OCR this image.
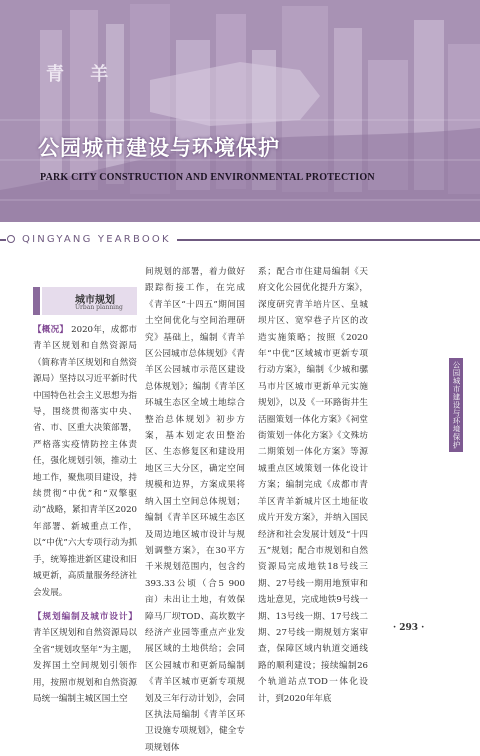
青 羊
公园城市建设与环境保护
PARK CITY CONSTRUCTION AND ENVIRONMENTAL PROTECTION
QINGYANG YEARBOOK
城市规划
Urban planning

【概况】 2020年，成都市青羊区规划和自然资源局（简称青羊区规划和自然资源局）坚持以习近平新时代中国特色社会主义思想为指导，围绕贯彻落实中央、省、市、区重大决策部署，严格落实疫情防控主体责任，强化规划引领，推动土地工作，聚焦项目建设，持续贯彻“中优”和“双擎驱动”战略，紧扣青羊区2020年部署、新城重点工作，以“中优”六大专项行动为抓手，统筹推进新区建设和旧城更新，高质量服务经济社会发展。

【规划编制及城市设计】 青羊区规划和自然资源局以全省“规划攻坚年”为主题，发挥国土空间规划引领作用，按照市规划和自然资源局统一编制主城区国土空

间规划的部署，着力做好跟踪衔接工作，在完成《青羊区“十四五”期间国土空间优化与空间治理研究》基础上，编制《青羊区公园城市总体规划》《青羊区公园城市示范区建设总体规划》；编制《青羊区环城生态区全域土地综合整治总体规划》初步方案，基本划定农田整治区、生态修复区和建设用地区三大分区，确定空间规模和边界，方案成果将纳入国土空间总体规划；编制《青羊区环城生态区及周边地区城市设计与规划调整方案》，在30平方千米规划范围内，包含约393.33公顷（合5 900亩）未出让土地，有效保障马厂坝TOD、高坎数字经济产业园等重点产业发展区域的土地供给；会同区公园城市和更新局编制《青羊区城市更新专项规划及三年行动计划》，会同区执法局编制《青羊区环卫设施专项规划》，健全专项规划体

系；配合市住建局编制《天府文化公园优化提升方案》，深度研究青羊培片区、皇城坝片区、宽窄巷子片区的改造实施策略；按照《2020年“中优”区域城市更新专项行动方案》，编制《少城和骡马市片区城市更新单元实施规划》，以及《一环路街井生活圈策划一体化方案》《祠堂街策划一体化方案》《文殊坊二期策划一体化方案》等源城重点区域策划一体化设计方案；编制完成《成都市青羊区青羊新城片区土地征收成片开发方案》，并纳入国民经济和社会发展计划及“十四五”规划；配合市规划和自然资源局完成地铁18号线三期、27号线一期用地预审和选址意见，完成地铁9号线一期、13号线一期、17号线二期、27号线一期规划方案审查，保障区域内轨道交通线路的顺利建设；接续编制26个轨道站点TOD一体化设计，到2020年年底

公园城市建设与环境保护
· 293 ·
